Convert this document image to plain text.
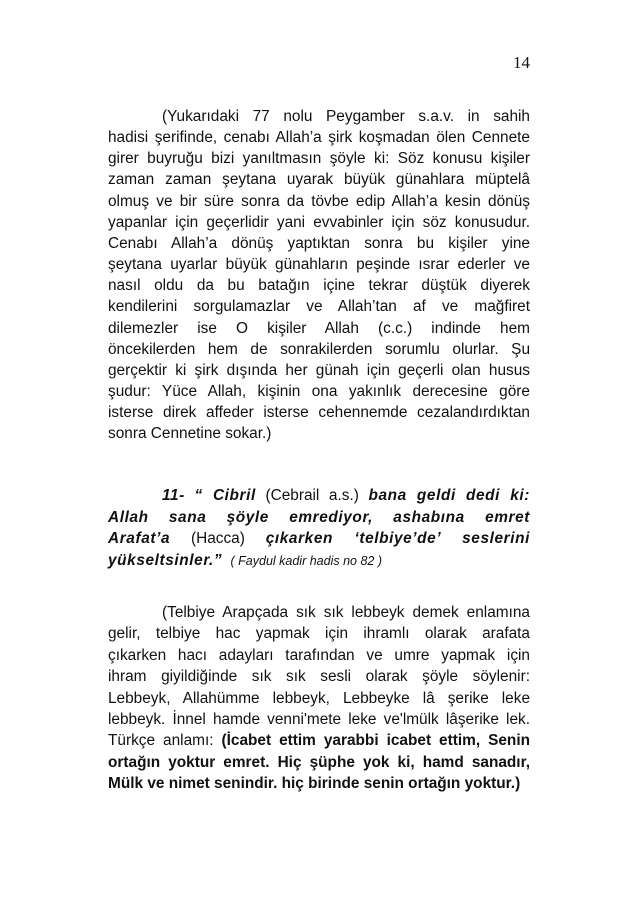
14
(Yukarıdaki 77 nolu Peygamber s.a.v. in sahih
hadisi şerifinde, cenabı Allah’a şirk koşmadan ölen Cennete
girer buyruğu bizi yanıltmasın şöyle ki: Söz konusu kişiler
zaman zaman şeytana uyarak büyük günahlara müptelâ
olmuş ve bir süre sonra da tövbe edip Allah’a kesin dönüş
yapanlar için geçerlidir yani evvabinler için söz konusudur.
Cenabı Allah’a dönüş yaptıktan sonra bu kişiler yine
şeytana uyarlar büyük günahların peşinde ısrar ederler ve
nasıl oldu da bu batağın içine tekrar düştük diyerek
kendilerini sorgulamazlar ve Allah’tan af ve mağfiret
dilemezler ise O kişiler Allah (c.c.) indinde hem
öncekilerden hem de sonrakilerden sorumlu olurlar. Şu
gerçektir ki şirk dışında her günah için geçerli olan husus
şudur: Yüce Allah, kişinin ona yakınlık derecesine göre
isterse direk affeder isterse cehennemde cezalandırdıktan
sonra Cennetine sokar.)
11- “ Cibril (Cebrail a.s.) bana geldi dedi ki:
Allah sana şöyle emrediyor, ashabına emret
Arafat’a (Hacca) çıkarken ‘telbiye’de’ seslerini
yükseltsinler.” ( Faydul kadir hadis no 82 )
(Telbiye Arapçada sık sık lebbeyk demek enlamına
gelir, telbiye hac yapmak için ihramlı olarak arafata
çıkarken hacı adayları tarafından ve umre yapmak için
ihram giyildiğinde sık sık sesli olarak şöyle söylenir:
Lebbeyk, Allahümme lebbeyk, Lebbeyke lâ şerike leke
lebbeyk. İnnel hamde venni'mete leke ve'lmülk lâşerike lek.
Türkçe anlamı: (İcabet ettim yarabbi icabet ettim, Senin
ortağın yoktur emret. Hiç şüphe yok ki, hamd sanadır,
Mülk ve nimet senindir. hiç birinde senin ortağın yoktur.)
